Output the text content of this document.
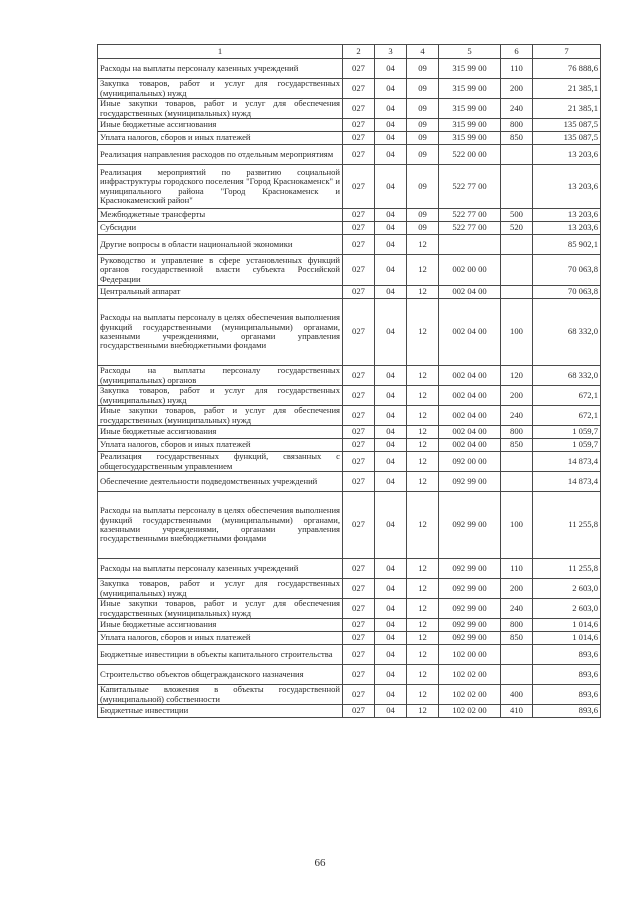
1	2	3	4	5	6	7
Расходы на выплаты персоналу казенных учреждений	027	04	09	315 99 00	110	76 888,6
Закупка товаров, работ и услуг для государственных (муниципальных) нужд	027	04	09	315 99 00	200	21 385,1
Иные закупки товаров, работ и услуг для обеспечения государственных (муниципальных) нужд	027	04	09	315 99 00	240	21 385,1
Иные бюджетные ассигнования	027	04	09	315 99 00	800	135 087,5
Уплата налогов, сборов и иных платежей	027	04	09	315 99 00	850	135 087,5
Реализация направления расходов по отдельным мероприятиям	027	04	09	522 00 00		13 203,6
Реализация мероприятий по развитию социальной инфраструктуры городского поселения "Город Краснокаменск" и муниципального района "Город Краснокаменск и Краснокаменский район"	027	04	09	522 77 00		13 203,6
Межбюджетные трансферты	027	04	09	522 77 00	500	13 203,6
Субсидии	027	04	09	522 77 00	520	13 203,6
Другие вопросы в области национальной экономики	027	04	12			85 902,1
Руководство и управление в сфере установленных функций органов государственной власти субъекта Российской Федерации	027	04	12	002 00 00		70 063,8
Центральный аппарат	027	04	12	002 04 00		70 063,8
Расходы на выплаты персоналу в целях обеспечения выполнения функций государственными (муниципальными) органами, казенными учреждениями, органами управления государственными внебюджетными фондами	027	04	12	002 04 00	100	68 332,0
Расходы на выплаты персоналу государственных (муниципальных) органов	027	04	12	002 04 00	120	68 332,0
Закупка товаров, работ и услуг для государственных (муниципальных) нужд	027	04	12	002 04 00	200	672,1
Иные закупки товаров, работ и услуг для обеспечения государственных (муниципальных) нужд	027	04	12	002 04 00	240	672,1
Иные бюджетные ассигнования	027	04	12	002 04 00	800	1 059,7
Уплата налогов, сборов и иных платежей	027	04	12	002 04 00	850	1 059,7
Реализация государственных функций, связанных с общегосударственным управлением	027	04	12	092 00 00		14 873,4
Обеспечение деятельности подведомственных учреждений	027	04	12	092 99 00		14 873,4
Расходы на выплаты персоналу в целях обеспечения выполнения функций государственными (муниципальными) органами, казенными учреждениями, органами управления государственными внебюджетными фондами	027	04	12	092 99 00	100	11 255,8
Расходы на выплаты персоналу казенных учреждений	027	04	12	092 99 00	110	11 255,8
Закупка товаров, работ и услуг для государственных (муниципальных) нужд	027	04	12	092 99 00	200	2 603,0
Иные закупки товаров, работ и услуг для обеспечения государственных (муниципальных) нужд	027	04	12	092 99 00	240	2 603,0
Иные бюджетные ассигнования	027	04	12	092 99 00	800	1 014,6
Уплата налогов, сборов и иных платежей	027	04	12	092 99 00	850	1 014,6
Бюджетные инвестиции в объекты капитального строительства	027	04	12	102 00 00		893,6
Строительство объектов общегражданского назначения	027	04	12	102 02 00		893,6
Капитальные вложения в объекты государственной (муниципальной) собственности	027	04	12	102 02 00	400	893,6
Бюджетные инвестиции	027	04	12	102 02 00	410	893,6
66
